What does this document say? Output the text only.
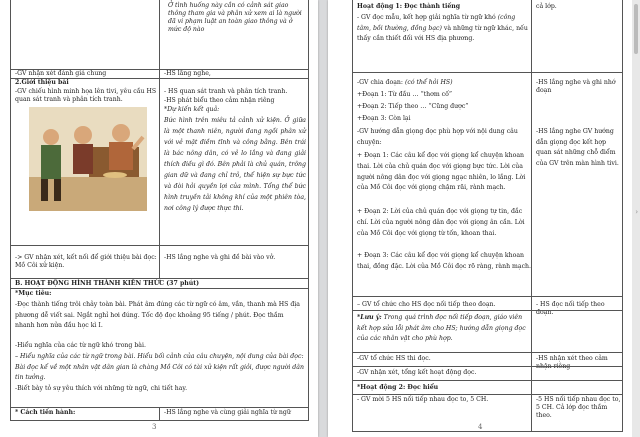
Ở tình huống này cần có cảnh sát giao thông tham gia và phân xử xem ai là người đã vi phạm luật an toàn giao thông và ở mức độ nào
-GV nhận xét đánh giá chung	-HS lắng nghe,
2.Giới thiệu bài
-GV chiếu hình minh họa lên tivi, yêu cầu HS quan sát tranh và phân tích tranh.
- HS quan sát tranh và phân tích tranh.
-HS phát biểu theo cảm nhận riêng
*Dự kiến kết quả:
Bức hình trên miêu tả cảnh xử kiện. Ở giữa là một thanh niên, người đang ngồi phân xử với vẻ mặt điềm tĩnh và công bằng. Bên trái là bác nông dân, có vẻ lo lắng và đang giải thích điều gì đó. Bên phải là chủ quán, trông gian dữ và đang chỉ trỏ, thể hiện sự bực tức và đòi hỏi quyền lợi của mình. Tổng thể bức hình truyền tải không khí của một phiên tòa, nơi công lý được thực thi.
-> GV nhận xét, kết nối để giới thiệu bài đọc: Mồ Côi xử kiện.
-HS lắng nghe và ghi đề bài vào vở.
B. HOẠT ĐỘNG HÌNH THÀNH KIẾN THỨC (37 phút)
*Mục tiêu:
-Đọc thành tiếng trôi chảy toàn bài. Phát âm đúng các từ ngữ có âm, vần, thanh mà HS địa phương dễ viết sai. Ngắt nghỉ hơi đúng. Tốc độ đọc khoảng 95 tiếng / phút. Đọc thầm nhanh hơn nửa đầu học kì I.
-Hiểu nghĩa của các từ ngữ khó trong bài.
– Hiểu nghĩa của các từ ngữ trong bài. Hiểu bối cảnh của câu chuyện, nội dung của bài đọc: Bài đọc kể về một nhân vật dân gian là chàng Mồ Côi có tài xử kiện rất giỏi, được người dân tin tưởng.
-Biết bày tỏ sự yêu thích với những từ ngữ, chi tiết hay.
* Cách tiến hành:	-HS lắng nghe và cùng giải nghĩa từ ngữ
3
Hoạt động 1: Đọc thành tiếng
- GV đọc mẫu, kết hợp giải nghĩa từ ngữ khó (công tâm, bồi thường, đồng bạc) và những từ ngữ khác, nếu thấy cần thiết đối với HS địa phương.
-GV chia đoạn: (có thể hỏi HS)
+Đoạn 1: Từ đầu … “thơm cố”
+Đoạn 2: Tiếp theo … “Cũng được”
+Đoạn 3: Còn lại
-GV hướng dẫn giọng đọc phù hợp với nội dung câu chuyện:
+ Đoạn 1: Các câu kể đọc với giọng kể chuyện khoan thai. Lời của chủ quán đọc với giọng bực tức. Lời của người nông dân đọc với giọng ngạc nhiên, lo lắng. Lời của Mồ Côi đọc với giọng chậm rãi, rành mạch.
+ Đoạn 2: Lời của chủ quán đọc với giọng tự tin, đắc chí. Lời của người nông dân đọc với giọng ân cần. Lời của Mồ Côi đọc với giọng từ tốn, khoan thai.
+ Đoạn 3: Các câu kể đọc với giọng kể chuyện khoan thai, đồng đặc. Lời của Mồ Côi đọc rõ ràng, rành mạch.
– GV tổ chức cho HS đọc nối tiếp theo đoạn.
*Lưu ý: Trong quá trình đọc nối tiếp đoạn, giáo viên kết hợp sửa lỗi phát âm cho HS; hướng dẫn giọng đọc của các nhân vật cho phù hợp.
-GV tổ chức HS thi đọc.
-GV nhận xét, tổng kết hoạt động đọc.
*Hoạt động 2: Đọc hiểu
- GV mời 5 HS nối tiếp nhau đọc to, 5 CH.
cả lớp.
-HS lắng nghe và ghi nhớ đoạn
-HS lắng nghe GV hướng dẫn giọng đọc kết hợp quan sát những chỗ điểm của GV trên màn hình tivi.
- HS đọc nối tiếp theo đoạn.
-HS nhận xét theo cảm nhận riêng
-5 HS nối tiếp nhau đọc to, 5 CH. Cả lớp đọc thầm theo.
4
›
